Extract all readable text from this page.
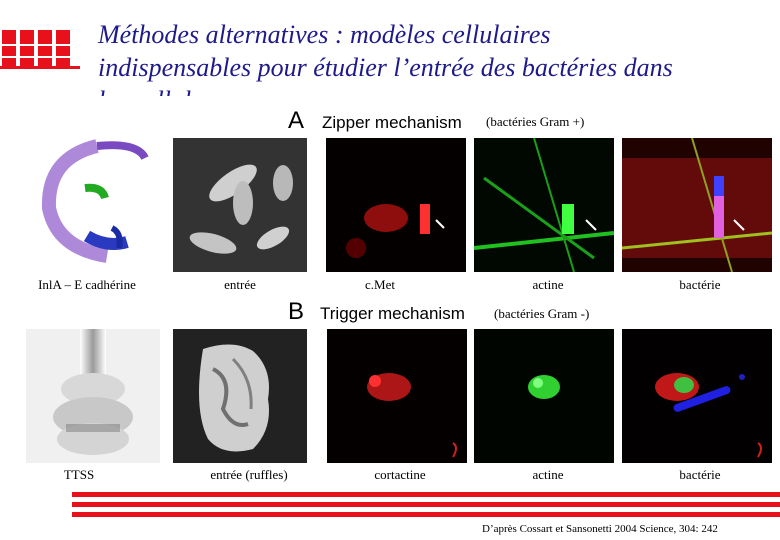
Méthodes alternatives : modèles cellulaires
indispensables pour étudier l’entrée des bactéries dans
A Zipper mechanism (bactéries Gram +)
InlA – E cadhérine	entrée	c.Met	actine	bactérie
B Trigger mechanism (bactéries Gram -)
TTSS	entrée (ruffles)	cortactine	actine	bactérie
D’après Cossart et Sansonetti 2004 Science, 304: 242
